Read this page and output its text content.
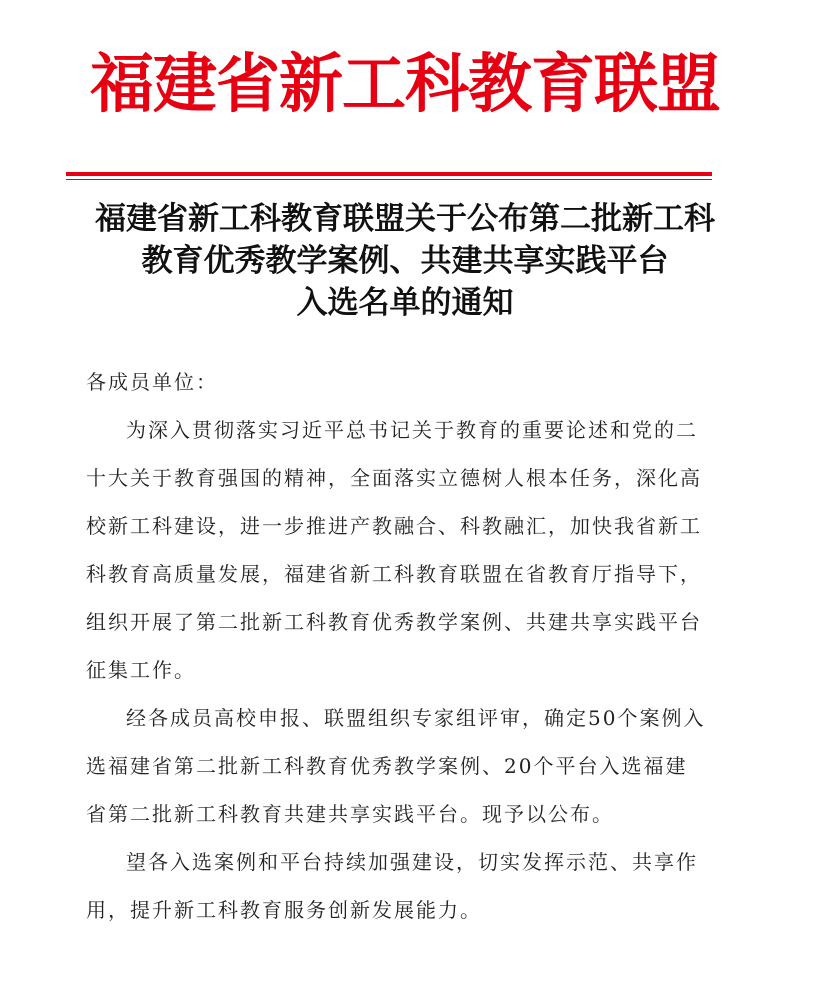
福建省新工科教育联盟
福建省新工科教育联盟关于公布第二批新工科
教育优秀教学案例、共建共享实践平台
入选名单的通知

各成员单位：

为深入贯彻落实习近平总书记关于教育的重要论述和党的二十大关于教育强国的精神，全面落实立德树人根本任务，深化高校新工科建设，进一步推进产教融合、科教融汇，加快我省新工科教育高质量发展，福建省新工科教育联盟在省教育厅指导下，组织开展了第二批新工科教育优秀教学案例、共建共享实践平台征集工作。

经各成员高校申报、联盟组织专家组评审，确定50个案例入选福建省第二批新工科教育优秀教学案例、20个平台入选福建省第二批新工科教育共建共享实践平台。现予以公布。

望各入选案例和平台持续加强建设，切实发挥示范、共享作用，提升新工科教育服务创新发展能力。
